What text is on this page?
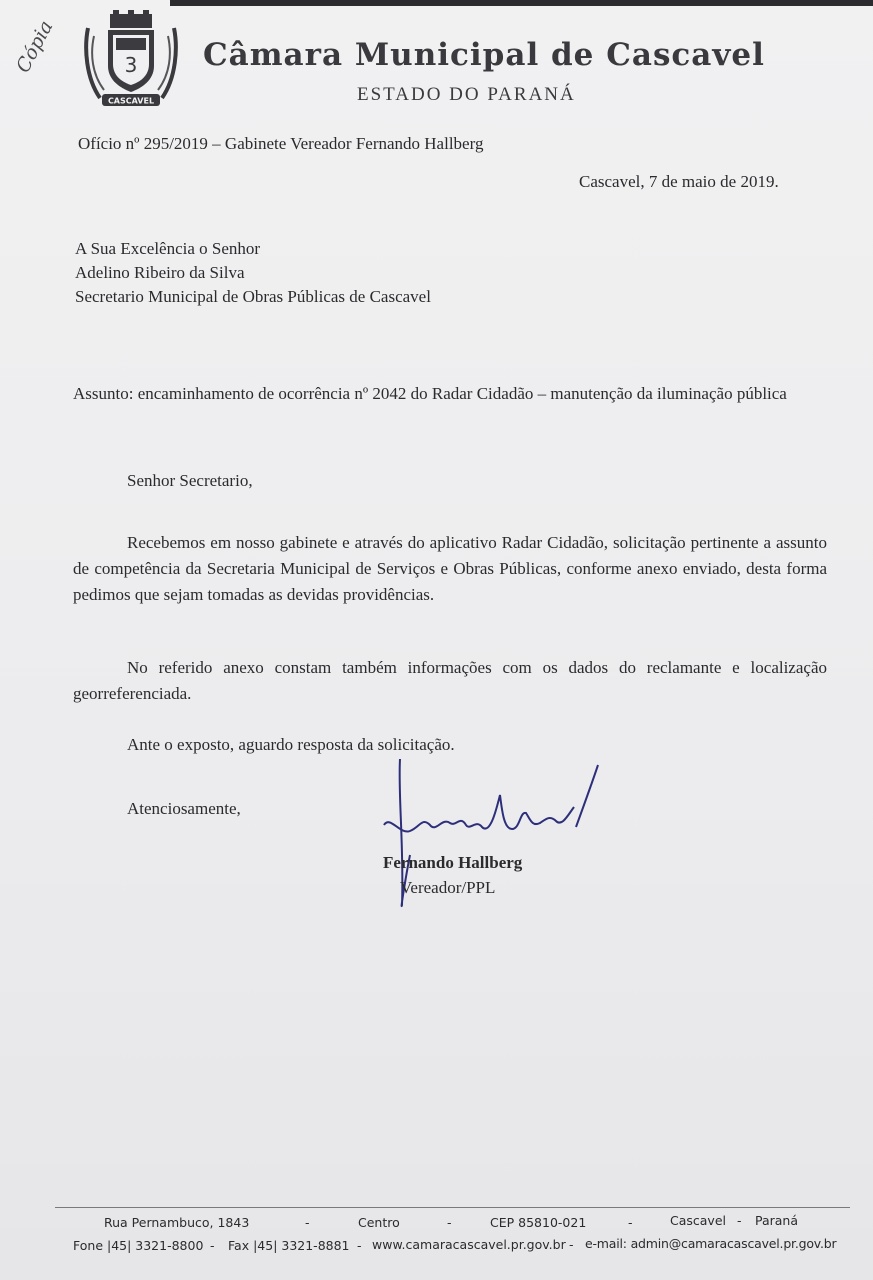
Cópia	3
CASCAVEL
Câmara Municipal de Cascavel
ESTADO DO PARANÁ
Ofício nº 295/2019 – Gabinete Vereador Fernando Hallberg
Cascavel, 7 de maio de 2019.
A Sua Excelência o Senhor
Adelino Ribeiro da Silva
Secretario Municipal de Obras Públicas de Cascavel
Assunto: encaminhamento de ocorrência nº 2042 do Radar Cidadão – manutenção da iluminação pública
Senhor Secretario,
Recebemos em nosso gabinete e através do aplicativo Radar Cidadão, solicitação pertinente a assunto de competência da Secretaria Municipal de Serviços e Obras Públicas, conforme anexo enviado, desta forma pedimos que sejam tomadas as devidas providências.
No referido anexo constam também informações com os dados do reclamante e localização georreferenciada.
Ante o exposto, aguardo resposta da solicitação.
Atenciosamente,
Fernando Hallberg
Vereador/PPL
Rua Pernambuco, 1843	-	Centro	-	CEP 85810-021	-	Cascavel - Paraná
Fone |45| 3321-8800 - Fax |45| 3321-8881 - www.camaracascavel.pr.gov.br - e-mail: admin@camaracascavel.pr.gov.br
